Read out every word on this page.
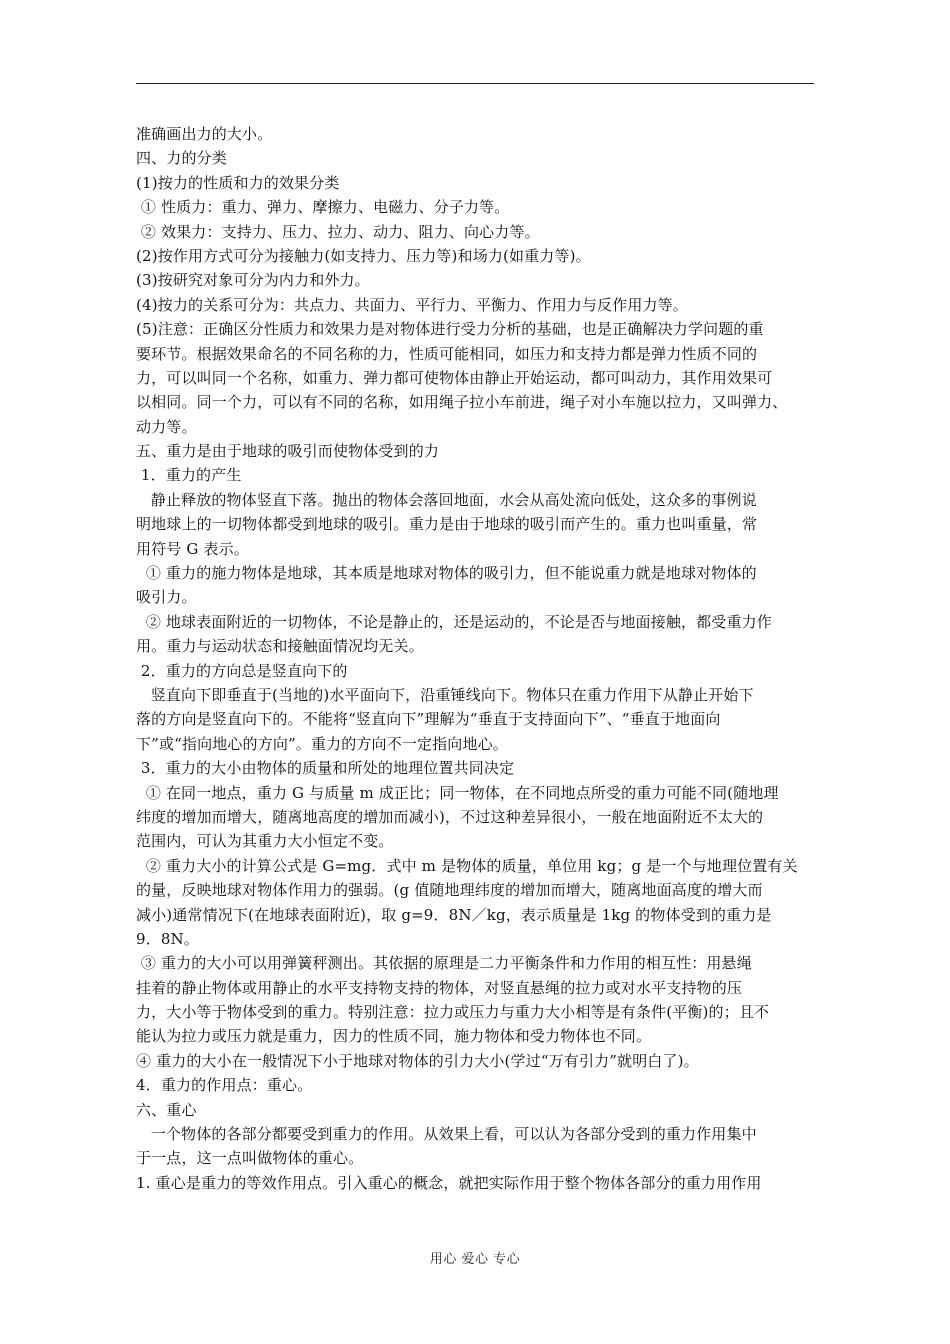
准确画出力的大小。
四、力的分类
(1)按力的性质和力的效果分类
① 性质力：重力、弹力、摩擦力、电磁力、分子力等。
② 效果力：支持力、压力、拉力、动力、阻力、向心力等。
(2)按作用方式可分为接触力(如支持力、压力等)和场力(如重力等)。
(3)按研究对象可分为内力和外力。
(4)按力的关系可分为：共点力、共面力、平行力、平衡力、作用力与反作用力等。
(5)注意：正确区分性质力和效果力是对物体进行受力分析的基础，也是正确解决力学问题的重
要环节。根据效果命名的不同名称的力，性质可能相同，如压力和支持力都是弹力性质不同的
力，可以叫同一个名称，如重力、弹力都可使物体由静止开始运动，都可叫动力，其作用效果可
以相同。同一个力，可以有不同的名称，如用绳子拉小车前进，绳子对小车施以拉力，又叫弹力、
动力等。
五、重力是由于地球的吸引而使物体受到的力
1．重力的产生
静止释放的物体竖直下落。抛出的物体会落回地面，水会从高处流向低处，这众多的事例说
明地球上的一切物体都受到地球的吸引。重力是由于地球的吸引而产生的。重力也叫重量，常
用符号 G 表示。
① 重力的施力物体是地球，其本质是地球对物体的吸引力，但不能说重力就是地球对物体的
吸引力。
② 地球表面附近的一切物体，不论是静止的，还是运动的，不论是否与地面接触，都受重力作
用。重力与运动状态和接触面情况均无关。
2．重力的方向总是竖直向下的
竖直向下即垂直于(当地的)水平面向下，沿重锤线向下。物体只在重力作用下从静止开始下
落的方向是竖直向下的。不能将“竖直向下”理解为“垂直于支持面向下”、“垂直于地面向
下”或“指向地心的方向”。重力的方向不一定指向地心。
3．重力的大小由物体的质量和所处的地理位置共同决定
① 在同一地点，重力 G 与质量 m 成正比；同一物体，在不同地点所受的重力可能不同(随地理
纬度的增加而增大，随离地高度的增加而减小)，不过这种差异很小，一般在地面附近不太大的
范围内，可认为其重力大小恒定不变。
② 重力大小的计算公式是 G=mg．式中 m 是物体的质量，单位用 kg；g 是一个与地理位置有关
的量，反映地球对物体作用力的强弱。(g 值随地理纬度的增加而增大，随离地面高度的增大而
减小)通常情况下(在地球表面附近)，取 g=9．8N／kg，表示质量是 1kg 的物体受到的重力是
9．8N。
③ 重力的大小可以用弹簧秤测出。其依据的原理是二力平衡条件和力作用的相互性：用悬绳
挂着的静止物体或用静止的水平支持物支持的物体，对竖直悬绳的拉力或对水平支持物的压
力，大小等于物体受到的重力。特别注意：拉力或压力与重力大小相等是有条件(平衡)的；且不
能认为拉力或压力就是重力，因力的性质不同，施力物体和受力物体也不同。
④ 重力的大小在一般情况下小于地球对物体的引力大小(学过“万有引力”就明白了)。
4．重力的作用点：重心。
六、重心
一个物体的各部分都要受到重力的作用。从效果上看，可以认为各部分受到的重力作用集中
于一点，这一点叫做物体的重心。
1. 重心是重力的等效作用点。引入重心的概念，就把实际作用于整个物体各部分的重力用作用
用心 爱心 专心
